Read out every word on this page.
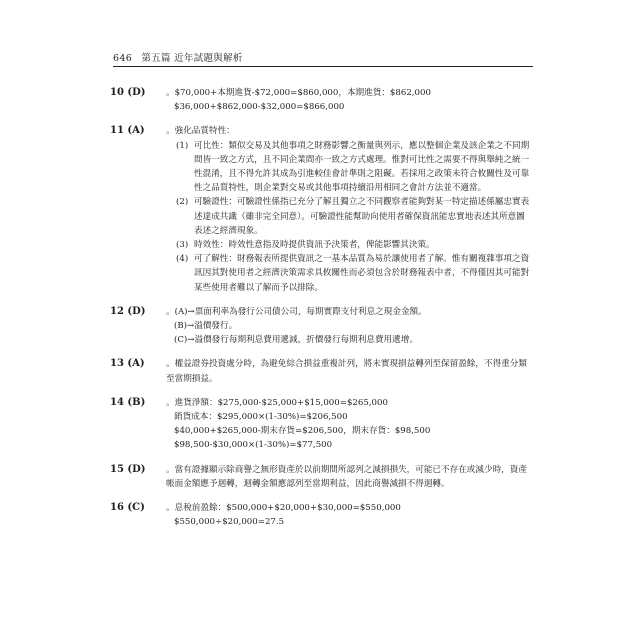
646 第五篇 近年試題與解析
10 (D) 。$70,000+本期進貨-$72,000=$860,000，本期進貨：$862,000
$36,000+$862,000-$32,000=$866,000
11 (A) 。強化品質特性：
(1) 可比性：類似交易及其他事項之財務影響之衡量與列示，應以整個企業及該企業之不同期間皆一致之方式，且不同企業間亦一致之方式處理。惟對可比性之需要不得與舉純之統一性混淆，且不得允許其成為引進較佳會計準則之阻礙。若採用之政策未符合攸關性及可靠性之品質特性，則企業對交易或其他事項持續沿用相同之會計方法並不適當。
(2) 可驗證性：可驗證性係指已充分了解且獨立之不同觀察者能夠對某一特定描述係屬忠實表述達成共識（雖非完全同意）。可驗證性能幫助向使用者確保資訊能忠實地表述其所意圖表述之經濟現象。
(3) 時效性：時效性意指及時提供資訊予決策者，俾能影響其決策。
(4) 可了解性：財務報表所提供資訊之一基本品質為易於讓使用者了解。惟有關複雜事項之資訊因其對使用者之經濟決策需求具攸關性而必須包含於財務報表中者，不得僅因其可能對某些使用者難以了解而予以排除。
12 (D) 。(A)→票面利率為發行公司債公司，每期實際支付利息之現金金額。
(B)→溢價發行。
(C)→溢價發行每期利息費用遞減，折價發行每期利息費用遞增。
13 (A) 。權益證券投資處分時，為避免綜合損益重複計列，將未實現損益轉列至保留盈餘，不得重分類至當期損益。
14 (B) 。進貨淨額：$275,000-$25,000+$15,000=$265,000
銷貨成本：$295,000×(1-30%)=$206,500
$40,000+$265,000-期末存貨=$206,500，期末存貨：$98,500
$98,500-$30,000×(1-30%)=$77,500
15 (D) 。當有證據顯示除商譽之無形資產於以前期間所認列之減損損失，可能已不存在或減少時，資產帳面金額應予迴轉，迴轉金額應認列至當期利益，因此商譽減損不得迴轉。
16 (C) 。息稅前盈餘：$500,000+$20,000+$30,000=$550,000
$550,000÷$20,000=27.5
